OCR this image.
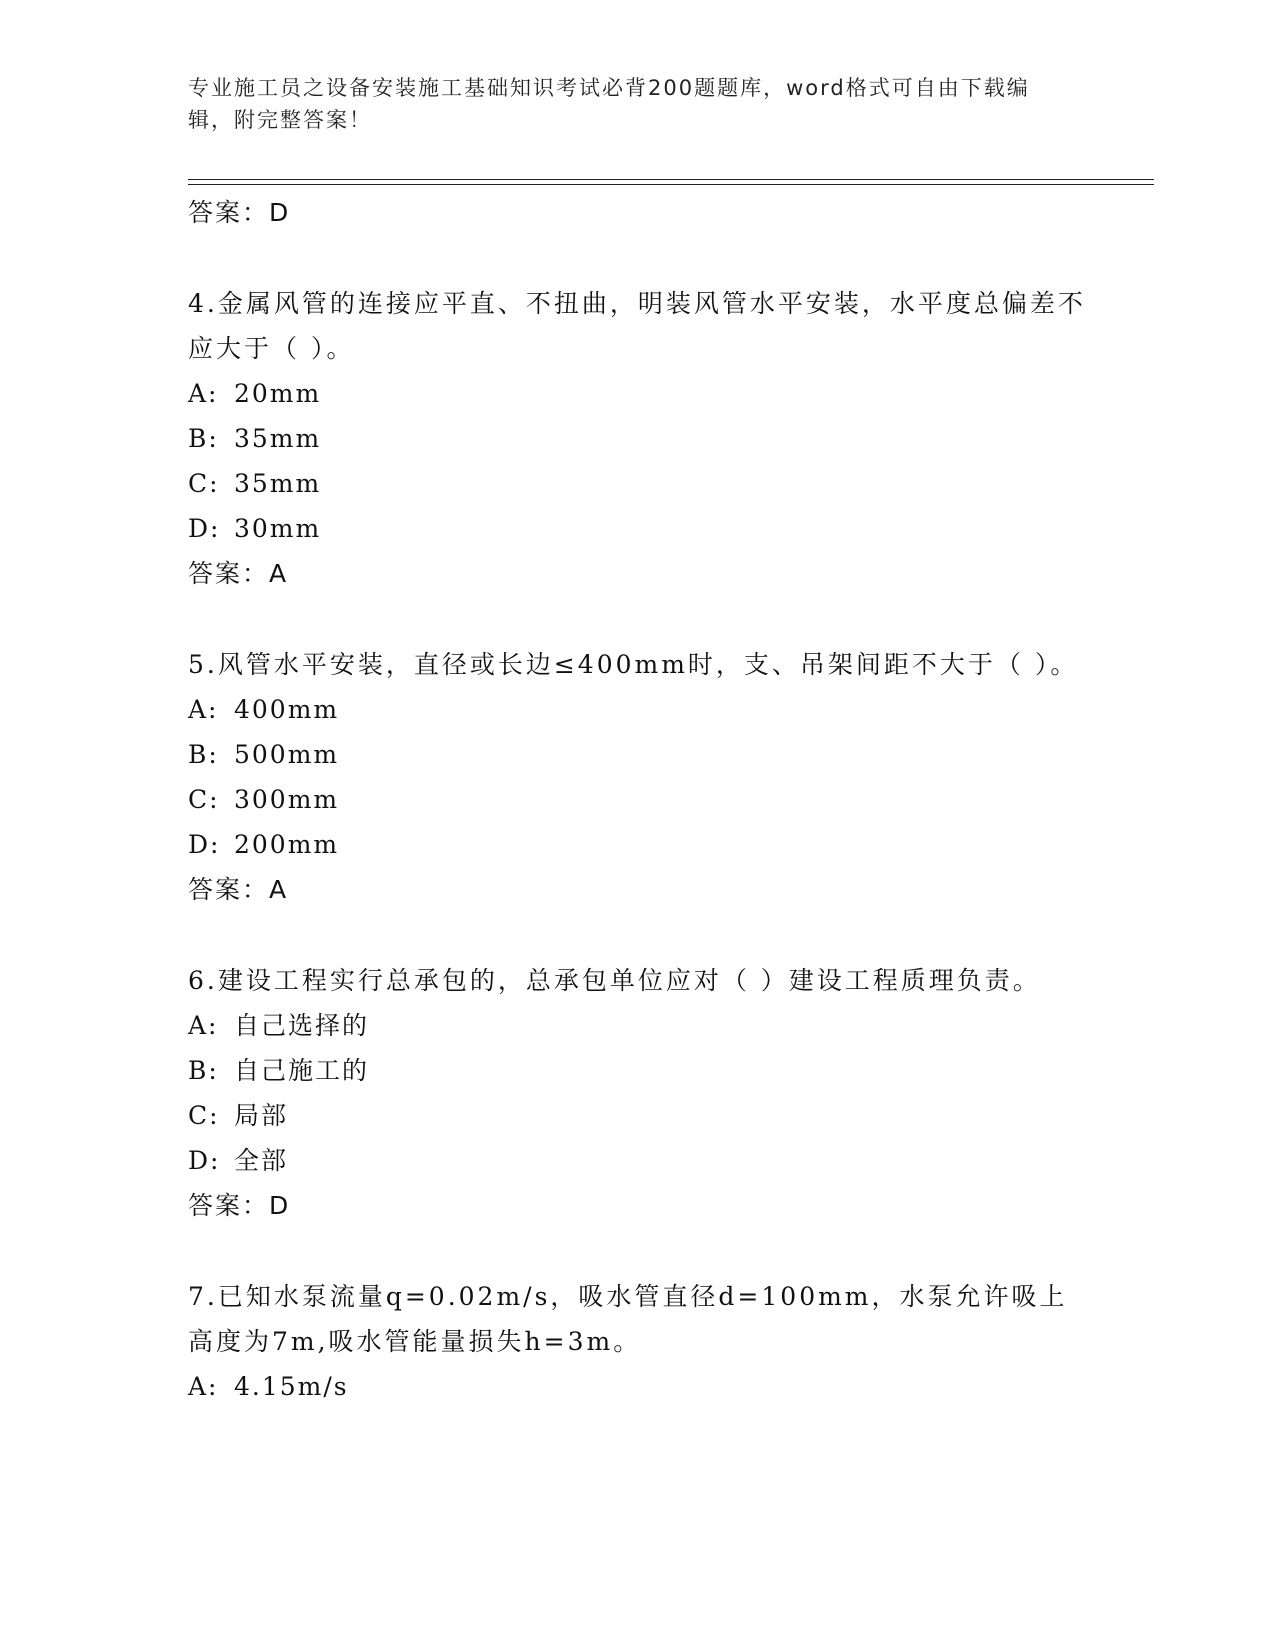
专业施工员之设备安装施工基础知识考试必背200题题库，word格式可自由下载编辑，附完整答案！
答案：D
4.金属风管的连接应平直、不扭曲，明装风管水平安装，水平度总偏差不应大于（ ）。
A: 20mm
B: 35mm
C: 35mm
D: 30mm
答案：A
5.风管水平安装，直径或长边≤400mm时，支、吊架间距不大于（ ）。
A: 400mm
B: 500mm
C: 300mm
D: 200mm
答案：A
6.建设工程实行总承包的，总承包单位应对（ ）建设工程质理负责。
A: 自己选择的
B: 自己施工的
C: 局部
D: 全部
答案：D
7.已知水泵流量q=0.02m/s，吸水管直径d=100mm，水泵允许吸上高度为7m,吸水管能量损失h=3m。
A: 4.15m/s
